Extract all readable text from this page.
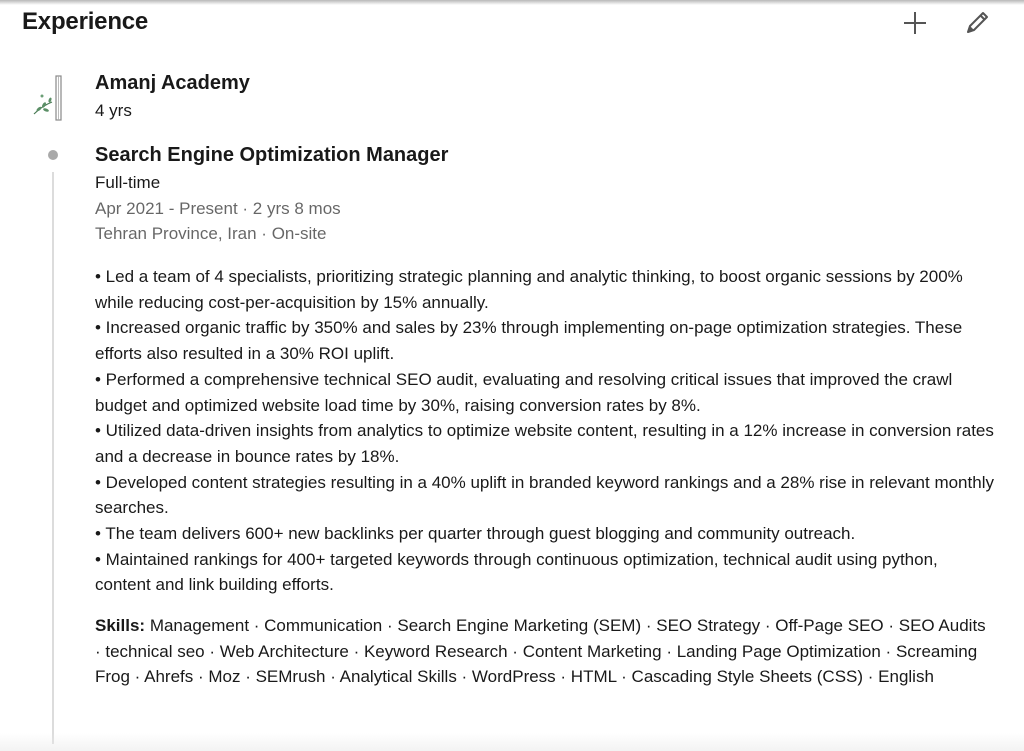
Experience
Amanj Academy
4 yrs
Search Engine Optimization Manager
Full-time
Apr 2021 - Present · 2 yrs 8 mos
Tehran Province, Iran · On-site
• Led a team of 4 specialists, prioritizing strategic planning and analytic thinking, to boost organic sessions by 200% while reducing cost-per-acquisition by 15% annually.
• Increased organic traffic by 350% and sales by 23% through implementing on-page optimization strategies. These efforts also resulted in a 30% ROI uplift.
• Performed a comprehensive technical SEO audit, evaluating and resolving critical issues that improved the crawl budget and optimized website load time by 30%, raising conversion rates by 8%.
• Utilized data-driven insights from analytics to optimize website content, resulting in a 12% increase in conversion rates and a decrease in bounce rates by 18%.
• Developed content strategies resulting in a 40% uplift in branded keyword rankings and a 28% rise in relevant monthly searches.
• The team delivers 600+ new backlinks per quarter through guest blogging and community outreach.
• Maintained rankings for 400+ targeted keywords through continuous optimization, technical audit using python, content and link building efforts.
Skills: Management · Communication · Search Engine Marketing (SEM) · SEO Strategy · Off-Page SEO · SEO Audits · technical seo · Web Architecture · Keyword Research · Content Marketing · Landing Page Optimization · Screaming Frog · Ahrefs · Moz · SEMrush · Analytical Skills · WordPress · HTML · Cascading Style Sheets (CSS) · English
